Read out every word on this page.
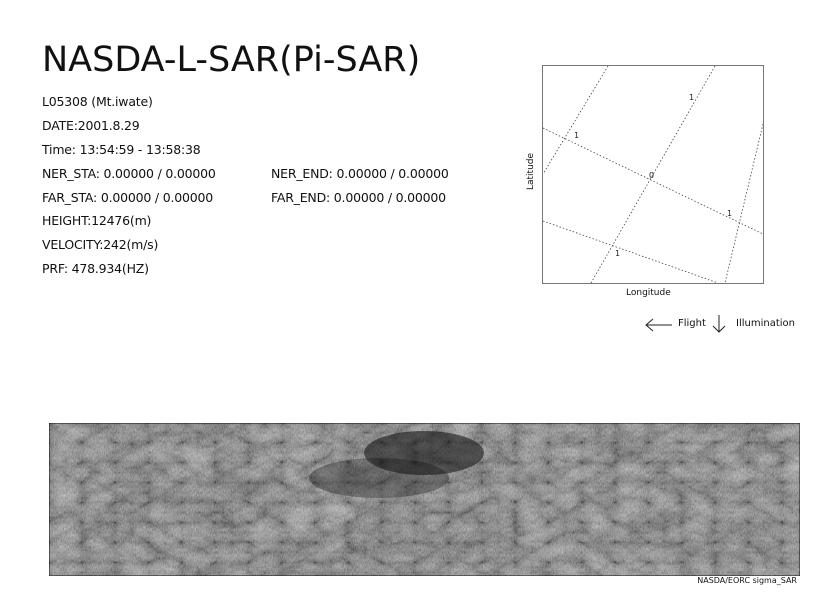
NASDA-L-SAR(Pi-SAR)
L05308 (Mt.iwate)
DATE:2001.8.29
Time: 13:54:59 - 13:58:38
NER_STA: 0.00000 / 0.00000	NER_END: 0.00000 / 0.00000
FAR_STA: 0.00000 / 0.00000	FAR_END: 0.00000 / 0.00000
HEIGHT:12476(m)
VELOCITY:242(m/s)
PRF: 478.934(HZ)
1
1
0
1
1
Longitude
Latitude
Flight	Illumination
NASDA/EORC sigma_SAR
